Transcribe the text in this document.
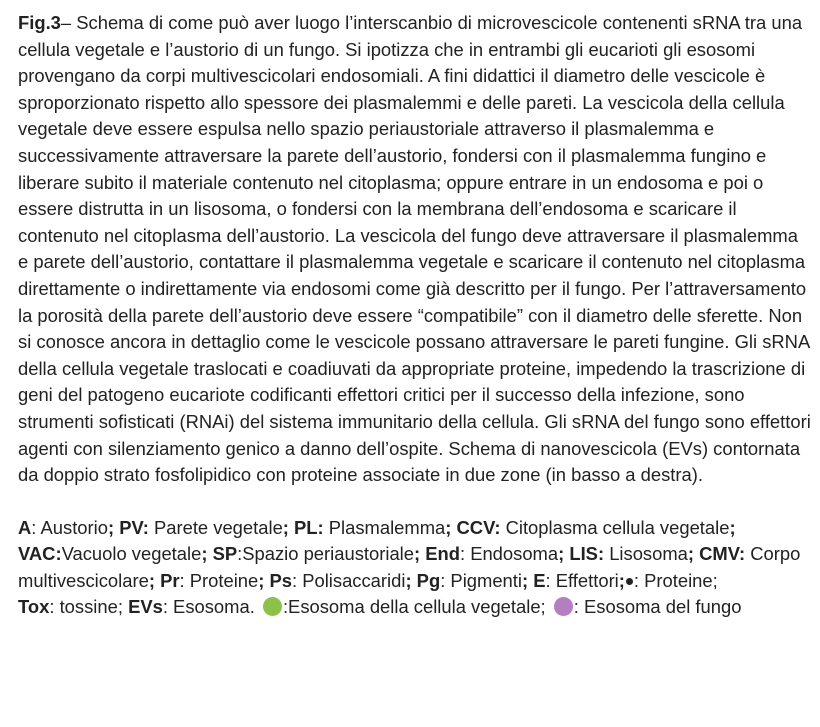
Fig.3– Schema di come può aver luogo l’interscanbio di microvescicole contenenti sRNA tra una cellula vegetale e l’austorio di un fungo. Si ipotizza che in entrambi gli eucarioti gli esosomi provengano da corpi multivescicolari endosomiali. A fini didattici il diametro delle vescicole è sproporzionato rispetto allo spessore dei plasmalemmi e delle pareti. La vescicola della cellula vegetale deve essere espulsa nello spazio periaustoriale attraverso il plasmalemma e successivamente attraversare la parete dell’austorio, fondersi con il plasmalemma fungino e liberare subito il materiale contenuto nel citoplasma; oppure entrare in un endosoma e poi o essere distrutta in un lisosoma, o fondersi con la membrana dell’endosoma e scaricare il contenuto nel citoplasma dell’austorio. La vescicola del fungo deve attraversare il plasmalemma e parete dell’austorio, contattare il plasmalemma vegetale e scaricare il contenuto nel citoplasma direttamente o indirettamente via endosomi come già descritto per il fungo. Per l’attraversamento la porosità della parete dell’austorio deve essere “compatibile” con il diametro delle sferette. Non si conosce ancora in dettaglio come le vescicole possano attraversare le pareti fungine. Gli sRNA della cellula vegetale traslocati e coadiuvati da appropriate proteine, impedendo la trascrizione di geni del patogeno eucariote codificanti effettori critici per il successo della infezione, sono strumenti sofisticati (RNAi) del sistema immunitario della cellula. Gli sRNA del fungo sono effettori agenti con silenziamento genico a danno dell’ospite. Schema di nanovescicola (EVs) contornata da doppio strato fosfolipidico con proteine associate in due zone (in basso a destra).

A: Austorio; PV: Parete vegetale; PL: Plasmalemma; CCV: Citoplasma cellula vegetale; VAC:Vacuolo vegetale; SP:Spazio periaustoriale; End: Endosoma; LIS: Lisosoma; CMV: Corpo multivescicolare; Pr: Proteine; Ps: Polisaccaridi; Pg: Pigmenti; E: Effettori; : Proteine;
Tox: tossine; EVs: Esosoma. :Esosoma della cellula vegetale; : Esosoma del fungo
